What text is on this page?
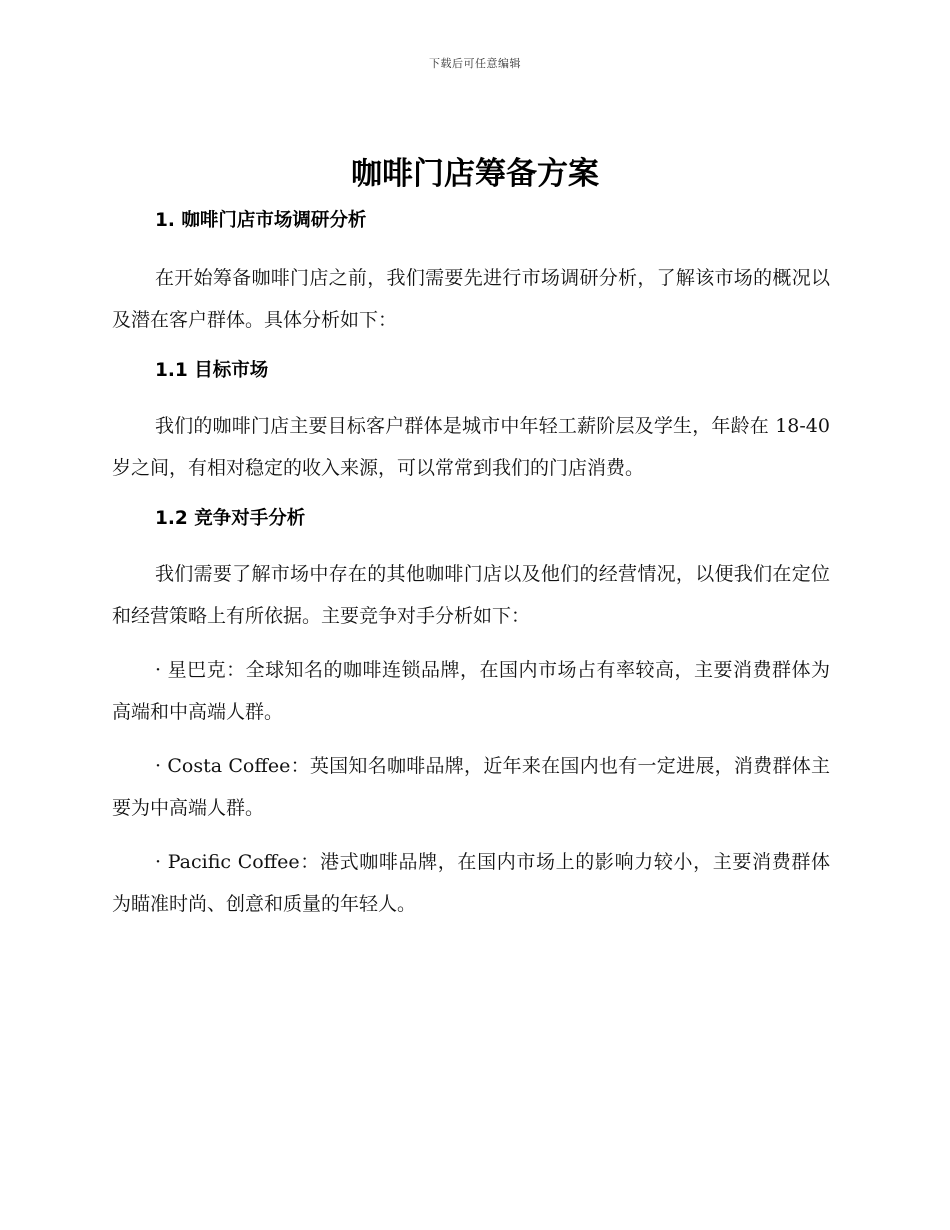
下载后可任意编辑
咖啡门店筹备方案
1. 咖啡门店市场调研分析

在开始筹备咖啡门店之前，我们需要先进行市场调研分析，了解该市场的概况以及潜在客户群体。具体分析如下：

1.1 目标市场

我们的咖啡门店主要目标客户群体是城市中年轻工薪阶层及学生，年龄在 18-40 岁之间，有相对稳定的收入来源，可以常常到我们的门店消费。

1.2 竞争对手分析

我们需要了解市场中存在的其他咖啡门店以及他们的经营情况，以便我们在定位和经营策略上有所依据。主要竞争对手分析如下：

· 星巴克：全球知名的咖啡连锁品牌，在国内市场占有率较高，主要消费群体为高端和中高端人群。

· Costa Coffee：英国知名咖啡品牌，近年来在国内也有一定进展，消费群体主要为中高端人群。

· Pacific Coffee：港式咖啡品牌，在国内市场上的影响力较小，主要消费群体为瞄准时尚、创意和质量的年轻人。
